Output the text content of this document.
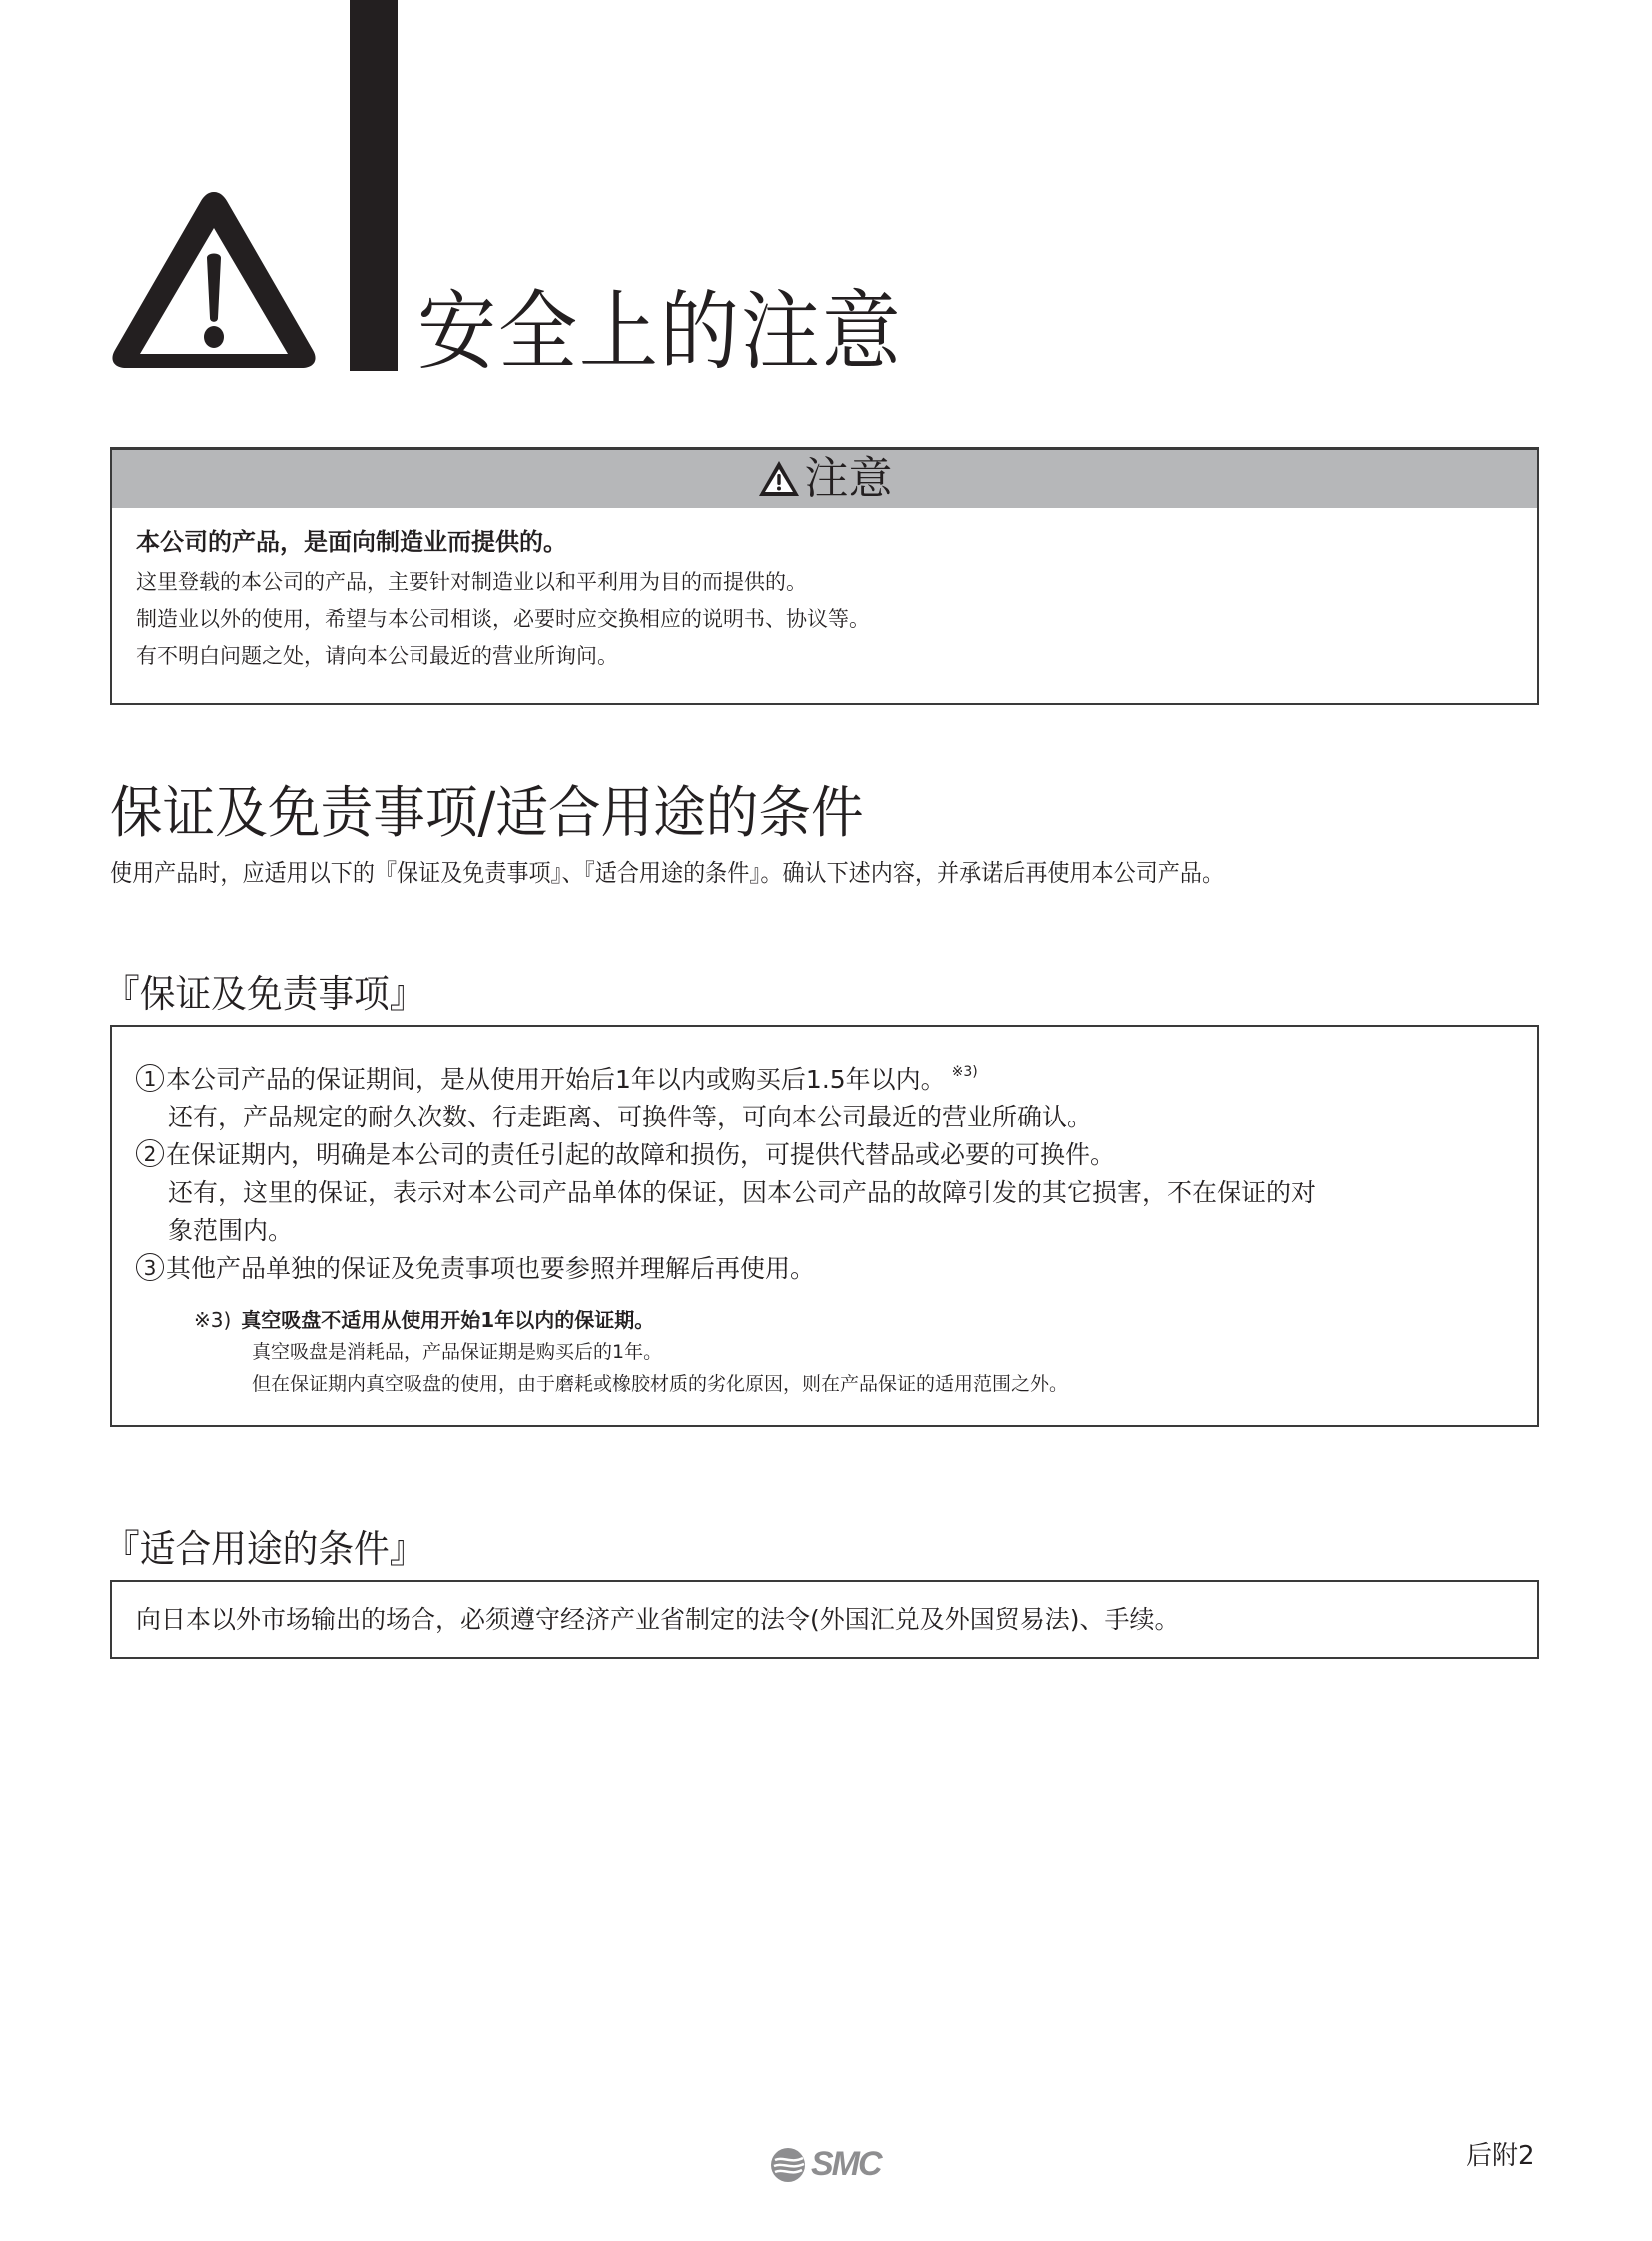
安全上的注意
注意

本公司的产品，是面向制造业而提供的。

这里登载的本公司的产品，主要针对制造业以和平利用为目的而提供的。

制造业以外的使用，希望与本公司相谈，必要时应交换相应的说明书、协议等。

有不明白问题之处，请向本公司最近的营业所询问。

保证及免责事项/适合用途的条件

使用产品时，应适用以下的『保证及免责事项』、『适合用途的条件』。确认下述内容，并承诺后再使用本公司产品。

『保证及免责事项』

1 本公司产品的保证期间，是从使用开始后1年以内或购买后1.5年以内。 $^{※3)}$

还有，产品规定的耐久次数、行走距离、可换件等，可向本公司最近的营业所确认。

2 在保证期内，明确是本公司的责任引起的故障和损伤，可提供代替品或必要的可换件。

还有，这里的保证，表示对本公司产品单体的保证，因本公司产品的故障引发的其它损害，不在保证的对

象范围内。

3 其他产品单独的保证及免责事项也要参照并理解后再使用。

※3) 真空吸盘不适用从使用开始1年以内的保证期。

真空吸盘是消耗品，产品保证期是购买后的1年。

但在保证期内真空吸盘的使用，由于磨耗或橡胶材质的劣化原因，则在产品保证的适用范围之外。

『适合用途的条件』

向日本以外市场输出的场合，必须遵守经济产业省制定的法令(外国汇兑及外国贸易法)、手续。

SMC	后附2
